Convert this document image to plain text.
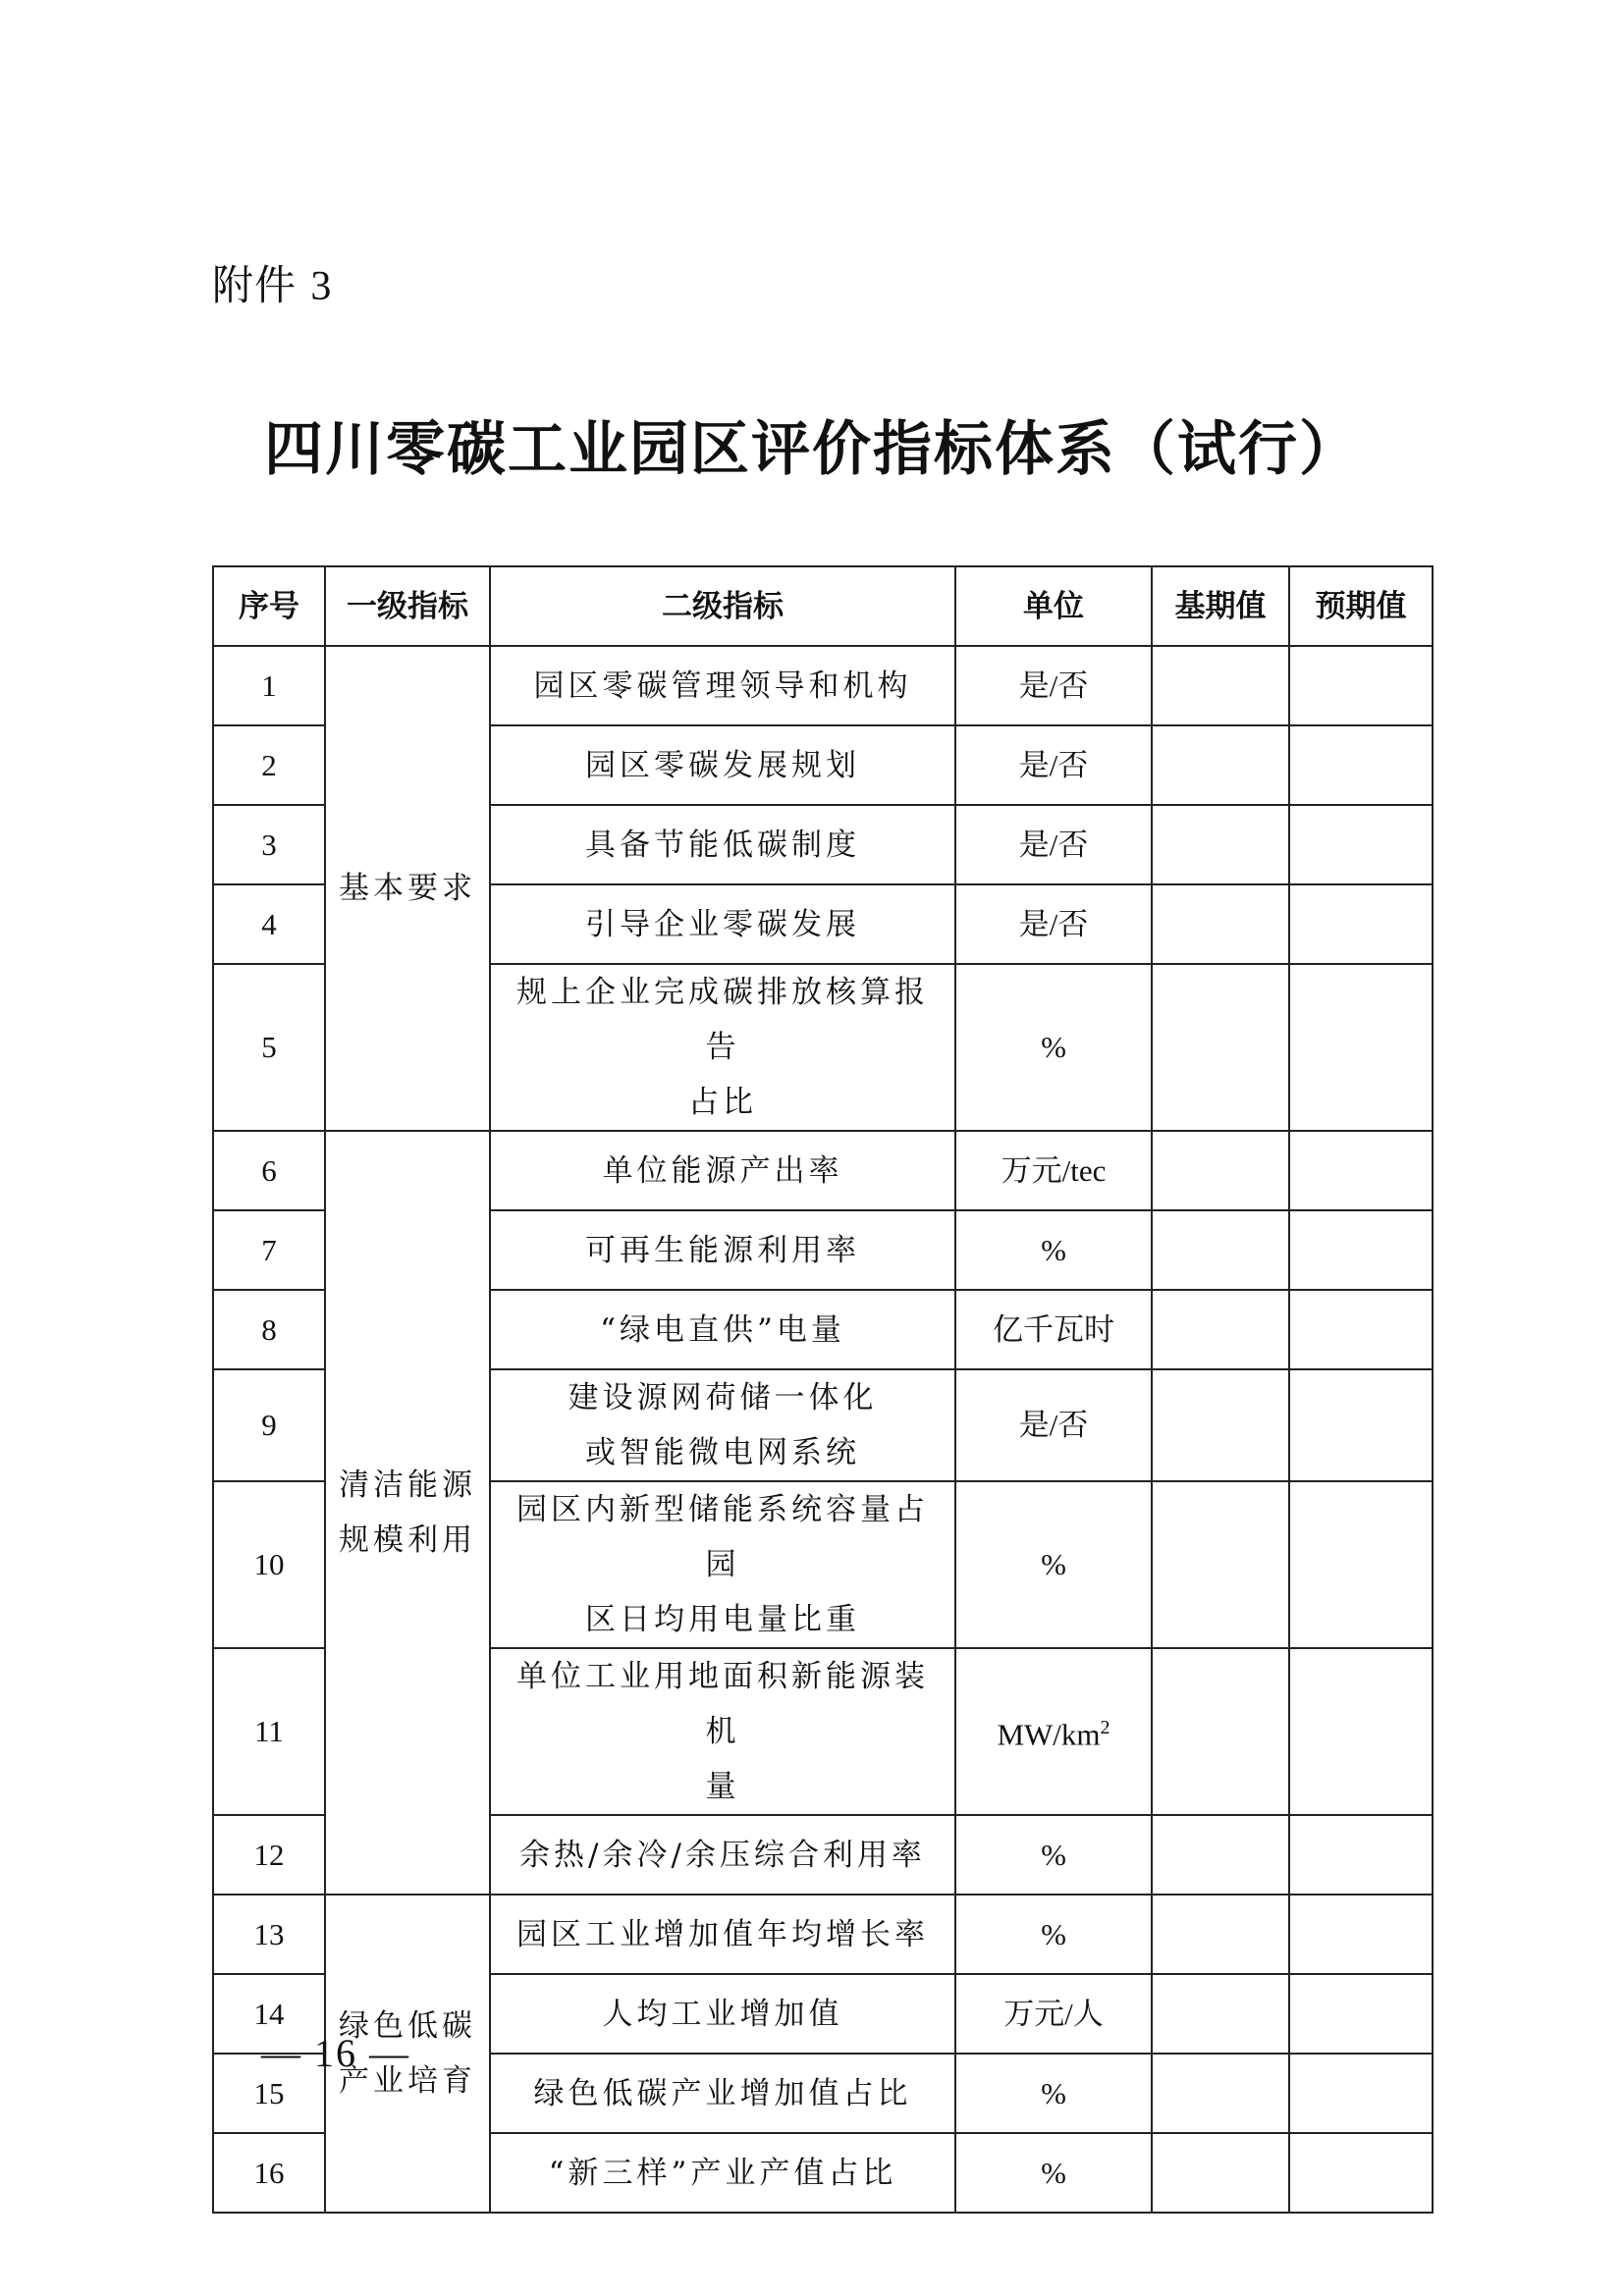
附件 3
四川零碳工业园区评价指标体系（试行）
序号	一级指标	二级指标	单位	基期值	预期值
1	基本要求	园区零碳管理领导和机构	是/否		
2		园区零碳发展规划	是/否		
3		具备节能低碳制度	是/否		
4		引导企业零碳发展	是/否		
5		规上企业完成碳排放核算报告
占比	%		
6	清洁能源
规模利用	单位能源产出率	万元/tec		
7		可再生能源利用率	%		
8		“绿电直供”电量	亿千瓦时		
9		建设源网荷储一体化
或智能微电网系统	是/否		
10		园区内新型储能系统容量占园
区日均用电量比重	%		
11		单位工业用地面积新能源装机
量	$MW/km^2$		
12		余热/余冷/余压综合利用率	%		
13	绿色低碳
产业培育	园区工业增加值年均增长率	%		
14		人均工业增加值	万元/人		
15		绿色低碳产业增加值占比	%		
16		“新三样”产业产值占比	%		
— 16 —
